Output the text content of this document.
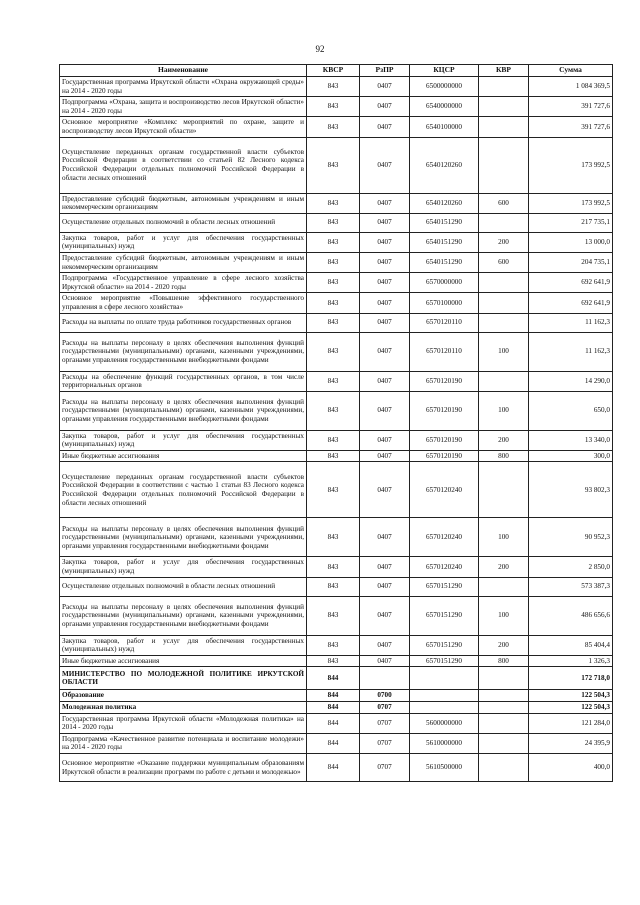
92
Наименование	КВСР	РзПР	КЦСР	КВР	Сумма
Государственная программа Иркутской области «Охрана окружающей среды» на 2014 - 2020 годы	843	0407	6500000000		1 084 369,5
Подпрограмма «Охрана, защита и воспроизводство лесов Иркутской области» на 2014 - 2020 годы	843	0407	6540000000		391 727,6
Основное мероприятие «Комплекс мероприятий по охране, защите и воспроизводству лесов Иркутской области»	843	0407	6540100000		391 727,6
Осуществление переданных органам государственной власти субъектов Российской Федерации в соответствии со статьей 82 Лесного кодекса Российской Федерации отдельных полномочий Российской Федерации в области лесных отношений	843	0407	6540120260		173 992,5
Предоставление субсидий бюджетным, автономным учреждениям и иным некоммерческим организациям	843	0407	6540120260	600	173 992,5
Осуществление отдельных полномочий в области лесных отношений	843	0407	6540151290		217 735,1
Закупка товаров, работ и услуг для обеспечения государственных (муниципальных) нужд	843	0407	6540151290	200	13 000,0
Предоставление субсидий бюджетным, автономным учреждениям и иным некоммерческим организациям	843	0407	6540151290	600	204 735,1
Подпрограмма «Государственное управление в сфере лесного хозяйства Иркутской области» на 2014 - 2020 годы	843	0407	6570000000		692 641,9
Основное мероприятие «Повышение эффективного государственного управления в сфере лесного хозяйства»	843	0407	6570100000		692 641,9
Расходы на выплаты по оплате труда работников государственных органов	843	0407	6570120110		11 162,3
Расходы на выплаты персоналу в целях обеспечения выполнения функций государственными (муниципальными) органами, казенными учреждениями, органами управления государственными внебюджетными фондами	843	0407	6570120110	100	11 162,3
Расходы на обеспечение функций государственных органов, в том числе территориальных органов	843	0407	6570120190		14 290,0
Расходы на выплаты персоналу в целях обеспечения выполнения функций государственными (муниципальными) органами, казенными учреждениями, органами управления государственными внебюджетными фондами	843	0407	6570120190	100	650,0
Закупка товаров, работ и услуг для обеспечения государственных (муниципальных) нужд	843	0407	6570120190	200	13 340,0
Иные бюджетные ассигнования	843	0407	6570120190	800	300,0
Осуществление переданных органам государственной власти субъектов Российской Федерации в соответствии с частью 1 статьи 83 Лесного кодекса Российской Федерации отдельных полномочий Российской Федерации в области лесных отношений	843	0407	6570120240		93 802,3
Расходы на выплаты персоналу в целях обеспечения выполнения функций государственными (муниципальными) органами, казенными учреждениями, органами управления государственными внебюджетными фондами	843	0407	6570120240	100	90 952,3
Закупка товаров, работ и услуг для обеспечения государственных (муниципальных) нужд	843	0407	6570120240	200	2 850,0
Осуществление отдельных полномочий в области лесных отношений	843	0407	6570151290		573 387,3
Расходы на выплаты персоналу в целях обеспечения выполнения функций государственными (муниципальными) органами, казенными учреждениями, органами управления государственными внебюджетными фондами	843	0407	6570151290	100	486 656,6
Закупка товаров, работ и услуг для обеспечения государственных (муниципальных) нужд	843	0407	6570151290	200	85 404,4
Иные бюджетные ассигнования	843	0407	6570151290	800	1 326,3
МИНИСТЕРСТВО ПО МОЛОДЕЖНОЙ ПОЛИТИКЕ ИРКУТСКОЙ ОБЛАСТИ	844				172 718,0
Образование	844	0700			122 504,3
Молодежная политика	844	0707			122 504,3
Государственная программа Иркутской области «Молодежная политика» на 2014 - 2020 годы	844	0707	5600000000		121 284,0
Подпрограмма «Качественное развитие потенциала и воспитание молодежи» на 2014 - 2020 годы	844	0707	5610000000		24 395,9
Основное мероприятие «Оказание поддержки муниципальным образованиям Иркутской области в реализации программ по работе с детьми и молодежью»	844	0707	5610500000		400,0
